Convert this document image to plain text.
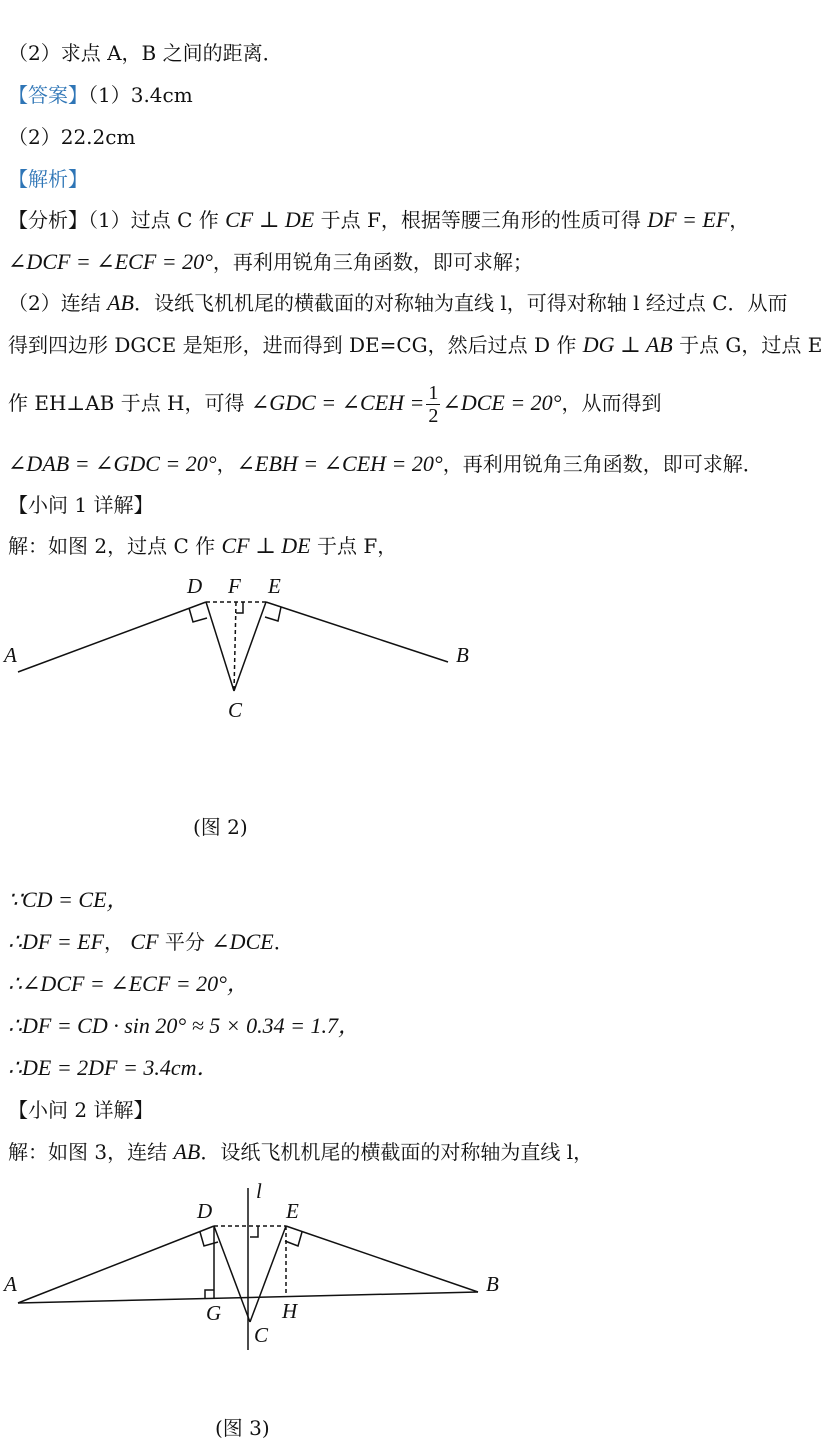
（2）求点 A，B 之间的距离．
【答案】（1）3.4cm
（2）22.2cm
【解析】
【分析】（1）过点 C 作 CF ⊥ DE 于点 F，根据等腰三角形的性质可得 DF = EF，
∠DCF = ∠ECF = 20°，再利用锐角三角函数，即可求解；
（2）连结 AB．设纸飞机机尾的横截面的对称轴为直线 l，可得对称轴 l 经过点 C．从而
得到四边形 DGCE 是矩形，进而得到 DE=CG，然后过点 D 作 DG ⊥ AB 于点 G，过点 E
作 EH⊥AB 于点 H，可得 ∠GDC = ∠CEH = $\frac{1}{2}$ ∠DCE = 20°，从而得到
∠DAB = ∠GDC = 20°，∠EBH = ∠CEH = 20°，再利用锐角三角函数，即可求解．
【小问 1 详解】
解：如图 2，过点 C 作 CF ⊥ DE 于点 F，
A	B
C
D	E
F
(图 2)
∵CD = CE，
∴DF = EF， CF 平分 ∠DCE．
∴∠DCF = ∠ECF = 20°，
∴DF = CD · sin 20° ≈ 5 × 0.34 = 1.7，
∴DE = 2DF = 3.4cm．
【小问 2 详解】
解：如图 3，连结 AB．设纸飞机机尾的横截面的对称轴为直线 l，
l
A	B
D	E
G	H
C
(图 3)
